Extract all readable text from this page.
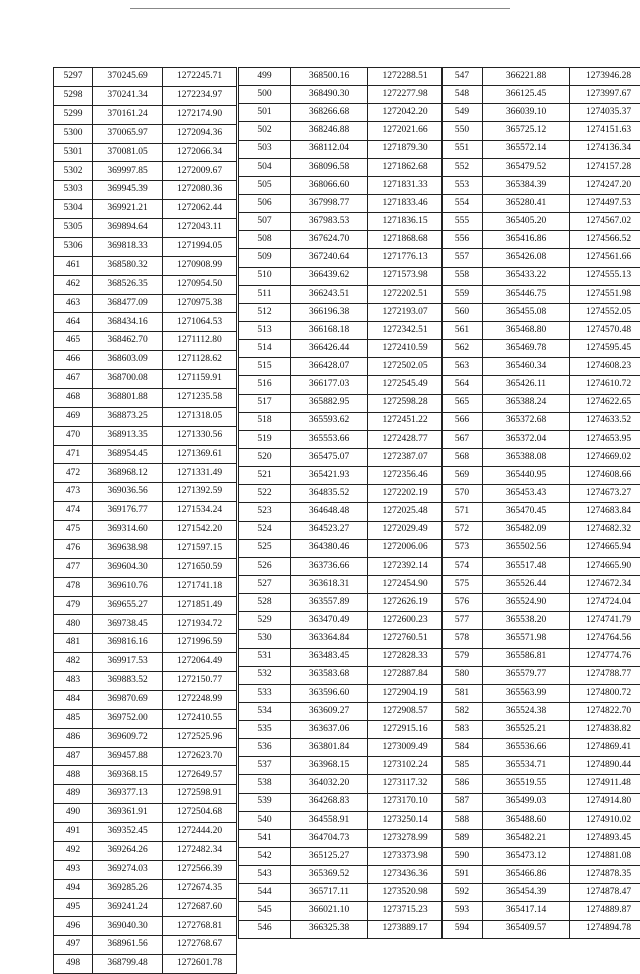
5297	370245.69	1272245.71
5298	370241.34	1272234.97
5299	370161.24	1272174.90
5300	370065.97	1272094.36
5301	370081.05	1272066.34
5302	369997.85	1272009.67
5303	369945.39	1272080.36
5304	369921.21	1272062.44
5305	369894.64	1272043.11
5306	369818.33	1271994.05
461	368580.32	1270908.99
462	368526.35	1270954.50
463	368477.09	1270975.38
464	368434.16	1271064.53
465	368462.70	1271112.80
466	368603.09	1271128.62
467	368700.08	1271159.91
468	368801.88	1271235.58
469	368873.25	1271318.05
470	368913.35	1271330.56
471	368954.45	1271369.61
472	368968.12	1271331.49
473	369036.56	1271392.59
474	369176.77	1271534.24
475	369314.60	1271542.20
476	369638.98	1271597.15
477	369604.30	1271650.59
478	369610.76	1271741.18
479	369655.27	1271851.49
480	369738.45	1271934.72
481	369816.16	1271996.59
482	369917.53	1272064.49
483	369883.52	1272150.77
484	369870.69	1272248.99
485	369752.00	1272410.55
486	369609.72	1272525.96
487	369457.88	1272623.70
488	369368.15	1272649.57
489	369377.13	1272598.91
490	369361.91	1272504.68
491	369352.45	1272444.20
492	369264.26	1272482.34
493	369274.03	1272566.39
494	369285.26	1272674.35
495	369241.24	1272687.60
496	369040.30	1272768.81
497	368961.56	1272768.67
498	368799.48	1272601.78
499	368500.16	1272288.51
500	368490.30	1272277.98
501	368266.68	1272042.20
502	368246.88	1272021.66
503	368112.04	1271879.30
504	368096.58	1271862.68
505	368066.60	1271831.33
506	367998.77	1271833.46
507	367983.53	1271836.15
508	367624.70	1271868.68
509	367240.64	1271776.13
510	366439.62	1271573.98
511	366243.51	1272202.51
512	366196.38	1272193.07
513	366168.18	1272342.51
514	366426.44	1272410.59
515	366428.07	1272502.05
516	366177.03	1272545.49
517	365882.95	1272598.28
518	365593.62	1272451.22
519	365553.66	1272428.77
520	365475.07	1272387.07
521	365421.93	1272356.46
522	364835.52	1272202.19
523	364648.48	1272025.48
524	364523.27	1272029.49
525	364380.46	1272006.06
526	363736.66	1272392.14
527	363618.31	1272454.90
528	363557.89	1272626.19
529	363470.49	1272600.23
530	363364.84	1272760.51
531	363483.45	1272828.33
532	363583.68	1272887.84
533	363596.60	1272904.19
534	363609.27	1272908.57
535	363637.06	1272915.16
536	363801.84	1273009.49
537	363968.15	1273102.24
538	364032.20	1273117.32
539	364268.83	1273170.10
540	364558.91	1273250.14
541	364704.73	1273278.99
542	365125.27	1273373.98
543	365369.52	1273436.36
544	365717.11	1273520.98
545	366021.10	1273715.23
546	366325.38	1273889.17
547	366221.88	1273946.28
548	366125.45	1273997.67
549	366039.10	1274035.37
550	365725.12	1274151.63
551	365572.14	1274136.34
552	365479.52	1274157.28
553	365384.39	1274247.20
554	365280.41	1274497.53
555	365405.20	1274567.02
556	365416.86	1274566.52
557	365426.08	1274561.66
558	365433.22	1274555.13
559	365446.75	1274551.98
560	365455.08	1274552.05
561	365468.80	1274570.48
562	365469.78	1274595.45
563	365460.34	1274608.23
564	365426.11	1274610.72
565	365388.24	1274622.65
566	365372.68	1274633.52
567	365372.04	1274653.95
568	365388.08	1274669.02
569	365440.95	1274608.66
570	365453.43	1274673.27
571	365470.45	1274683.84
572	365482.09	1274682.32
573	365502.56	1274665.94
574	365517.48	1274665.90
575	365526.44	1274672.34
576	365524.90	1274724.04
577	365538.20	1274741.79
578	365571.98	1274764.56
579	365586.81	1274774.76
580	365579.77	1274788.77
581	365563.99	1274800.72
582	365524.38	1274822.70
583	365525.21	1274838.82
584	365536.66	1274869.41
585	365534.71	1274890.44
586	365519.55	1274911.48
587	365499.03	1274914.80
588	365488.60	1274910.02
589	365482.21	1274893.45
590	365473.12	1274881.08
591	365466.86	1274878.35
592	365454.39	1274878.47
593	365417.14	1274889.87
594	365409.57	1274894.78
